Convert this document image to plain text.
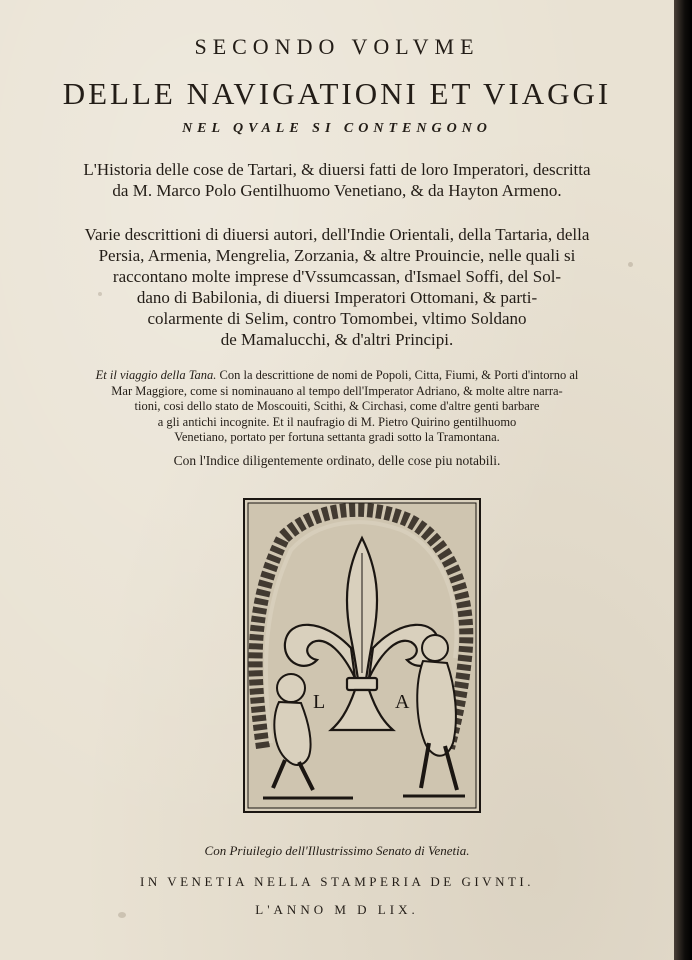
SECONDO VOLVME
DELLE NAVIGATIONI ET VIAGGI
NEL QVALE SI CONTENGONO
L'Historia delle cose de Tartari, & diuersi fatti de loro Imperatori, descritta
da M. Marco Polo Gentilhuomo Venetiano, & da Hayton Armeno.
Varie descrittioni di diuersi autori, dell'Indie Orientali, della Tartaria, della
Persia, Armenia, Mengrelia, Zorzania, & altre Prouincie, nelle quali si
raccontano molte imprese d'Vssumcassan, d'Ismael Soffi, del Sol-
dano di Babilonia, di diuersi Imperatori Ottomani, & parti-
colarmente di Selim, contro Tomombei, vltimo Soldano
de Mamalucchi, & d'altri Principi.
Et il viaggio della Tana. Con la descrittione de nomi de Popoli, Citta, Fiumi, & Porti d'intorno al
Mar Maggiore, come si nominauano al tempo dell'Imperator Adriano, & molte altre narra-
tioni, cosi dello stato de Moscouiti, Scithi, & Circhasi, come d'altre genti barbare
a gli antichi incognite. Et il naufragio di M. Pietro Quirino gentilhuomo
Venetiano, portato per fortuna settanta gradi sotto la Tramontana.
Con l'Indice diligentemente ordinato, delle cose piu notabili.
L	A
Con Priuilegio dell'Illustrissimo Senato di Venetia.
IN VENETIA NELLA STAMPERIA DE GIVNTI.
L'ANNO M D LIX.
